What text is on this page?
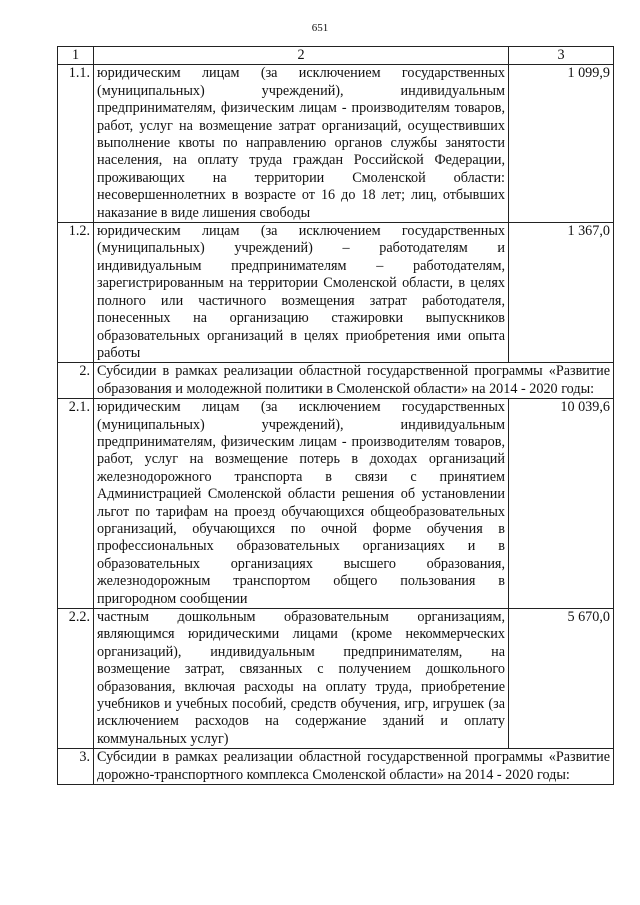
651
1	2	3
1.1.	юридическим лицам (за исключением государственных (муниципальных) учреждений), индивидуальным предпринимателям, физическим лицам - производителям товаров, работ, услуг на возмещение затрат организаций, осуществивших выполнение квоты по направлению органов службы занятости населения, на оплату труда граждан Российской Федерации, проживающих на территории Смоленской области: несовершеннолетних в возрасте от 16 до 18 лет; лиц, отбывших наказание в виде лишения свободы	1 099,9
1.2.	юридическим лицам (за исключением государственных (муниципальных) учреждений) – работодателям и индивидуальным предпринимателям – работодателям, зарегистрированным на территории Смоленской области, в целях полного или частичного возмещения затрат работодателя, понесенных на организацию стажировки выпускников образовательных организаций в целях приобретения ими опыта работы	1 367,0
2.	Субсидии в рамках реализации областной государственной программы «Развитие образования и молодежной политики в Смоленской области» на 2014 - 2020 годы:	
2.1.	юридическим лицам (за исключением государственных (муниципальных) учреждений), индивидуальным предпринимателям, физическим лицам - производителям товаров, работ, услуг на возмещение потерь в доходах организаций железнодорожного транспорта в связи с принятием Администрацией Смоленской области решения об установлении льгот по тарифам на проезд обучающихся общеобразовательных организаций, обучающихся по очной форме обучения в профессиональных образовательных организациях и в образовательных организациях высшего образования, железнодорожным транспортом общего пользования в пригородном сообщении	10 039,6
2.2.	частным дошкольным образовательным организациям, являющимся юридическими лицами (кроме некоммерческих организаций), индивидуальным предпринимателям, на возмещение затрат, связанных с получением дошкольного образования, включая расходы на оплату труда, приобретение учебников и учебных пособий, средств обучения, игр, игрушек (за исключением расходов на содержание зданий и оплату коммунальных услуг)	5 670,0
3.	Субсидии в рамках реализации областной государственной программы «Развитие дорожно-транспортного комплекса Смоленской области» на 2014 - 2020 годы:	
